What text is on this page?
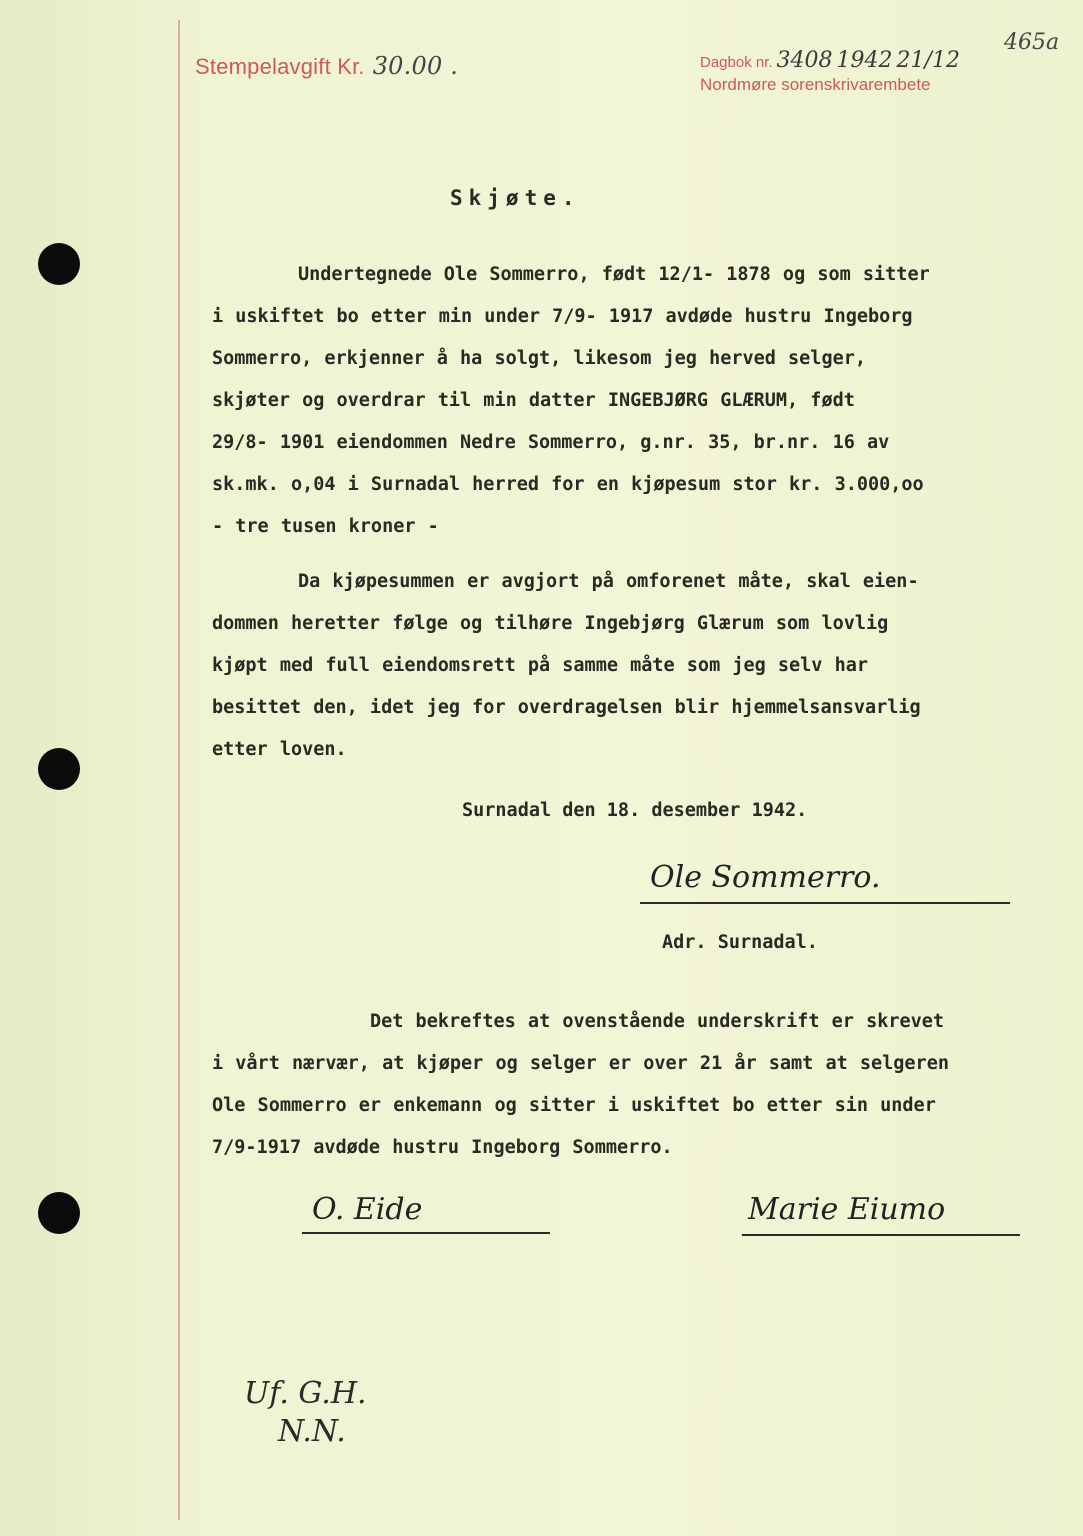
Stempelavgift Kr. 30.00 .	Dagbok nr. 3408 1942 21/12
Nordmøre sorenskrivarembete
465a
Skjøte.
Undertegnede Ole Sommerro, født 12/1- 1878 og som sitter
i uskiftet bo etter min under 7/9- 1917 avdøde hustru Ingeborg
Sommerro, erkjenner å ha solgt, likesom jeg herved selger,
skjøter og overdrar til min datter INGEBJØRG GLÆRUM, født
29/8- 1901 eiendommen Nedre Sommerro, g.nr. 35, br.nr. 16 av
sk.mk. o,04 i Surnadal herred for en kjøpesum stor kr. 3.000,oo
- tre tusen kroner -
Da kjøpesummen er avgjort på omforenet måte, skal eien-
dommen heretter følge og tilhøre Ingebjørg Glærum som lovlig
kjøpt med full eiendomsrett på samme måte som jeg selv har
besittet den, idet jeg for overdragelsen blir hjemmelsansvarlig
etter loven.
Surnadal den 18. desember 1942.
Ole Sommerro.
Adr. Surnadal.
Det bekreftes at ovenstående underskrift er skrevet
i vårt nærvær, at kjøper og selger er over 21 år samt at selgeren
Ole Sommerro er enkemann og sitter i uskiftet bo etter sin under
7/9-1917 avdøde hustru Ingeborg Sommerro.
O. Eide	Marie Eiumo
Uf. G.H.
N.N.
